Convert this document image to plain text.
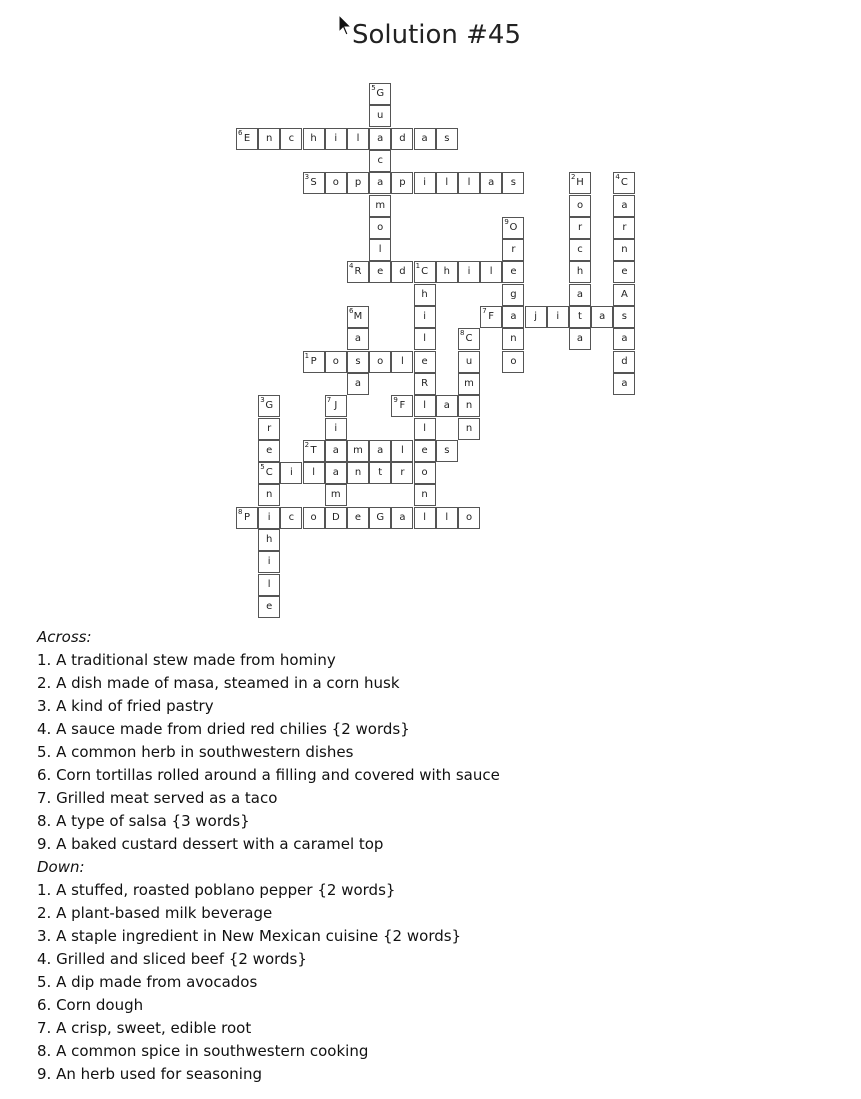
Solution #45
6 E	n	c	h	i	l	a	d	a	s
3 S	o	p	a	p	i	l	l	a	s
4 R	e	d	1 C	h	i	l	e
7 F	a	j	i	t	a	s
1 P	o	s	o	l	e
9 F	l	a	n
2 T	a	m	a	l	e	s
5 C	i	l	a	n	t	r	o
8 P	i	c	o	D	e	G	a	l	l	o
5 G
u
c
m
o
l
2 H
o
r
c
h
a
a
4 C
a
r
n
e
A
a
d
a
9 O
r
g
n
o
h
i
l
R
l
n
6 M
a
a
8 C
u
m
n
3 G
r
e
n
h
i
l
e
7 J
i
m
Across:
1. A traditional stew made from hominy
2. A dish made of masa, steamed in a corn husk
3. A kind of fried pastry
4. A sauce made from dried red chilies {2 words}
5. A common herb in southwestern dishes
6. Corn tortillas rolled around a filling and covered with sauce
7. Grilled meat served as a taco
8. A type of salsa {3 words}
9. A baked custard dessert with a caramel top
Down:
1. A stuffed, roasted poblano pepper {2 words}
2. A plant-based milk beverage
3. A staple ingredient in New Mexican cuisine {2 words}
4. Grilled and sliced beef {2 words}
5. A dip made from avocados
6. Corn dough
7. A crisp, sweet, edible root
8. A common spice in southwestern cooking
9. An herb used for seasoning
